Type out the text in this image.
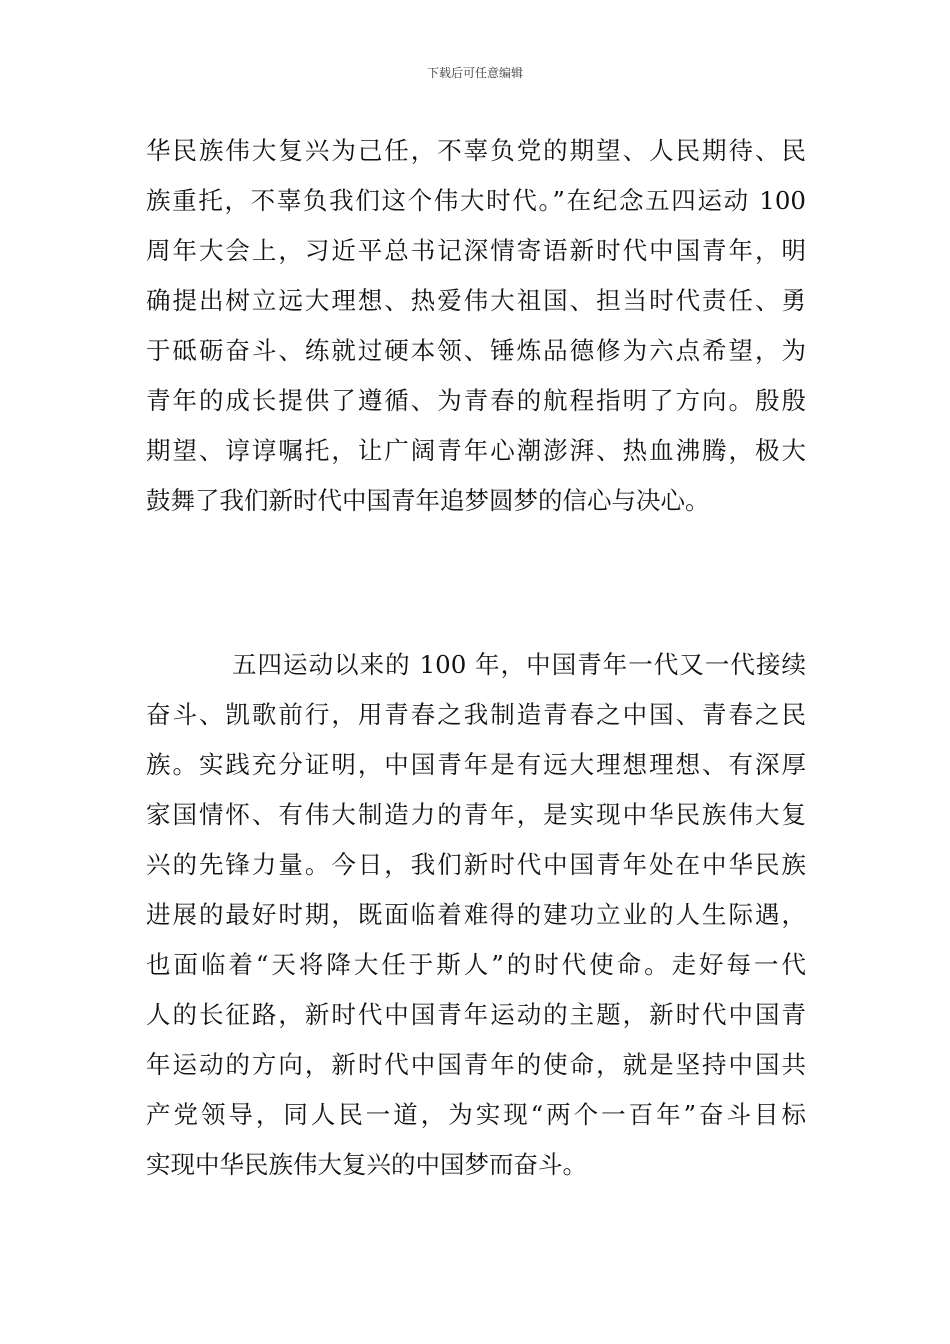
下载后可任意编辑
华民族伟大复兴为己任，不辜负党的期望、人民期待、民
族重托，不辜负我们这个伟大时代。”在纪念五四运动 100
周年大会上，习近平总书记深情寄语新时代中国青年，明
确提出树立远大理想、热爱伟大祖国、担当时代责任、勇
于砥砺奋斗、练就过硬本领、锤炼品德修为六点希望，为
青年的成长提供了遵循、为青春的航程指明了方向。殷殷
期望、谆谆嘱托，让广阔青年心潮澎湃、热血沸腾，极大
鼓舞了我们新时代中国青年追梦圆梦的信心与决心。
五四运动以来的 100 年，中国青年一代又一代接续
奋斗、凯歌前行，用青春之我制造青春之中国、青春之民
族。实践充分证明，中国青年是有远大理想理想、有深厚
家国情怀、有伟大制造力的青年，是实现中华民族伟大复
兴的先锋力量。今日，我们新时代中国青年处在中华民族
进展的最好时期，既面临着难得的建功立业的人生际遇，
也面临着“天将降大任于斯人”的时代使命。走好每一代
人的长征路，新时代中国青年运动的主题，新时代中国青
年运动的方向，新时代中国青年的使命，就是坚持中国共
产党领导，同人民一道，为实现“两个一百年”奋斗目标
实现中华民族伟大复兴的中国梦而奋斗。
